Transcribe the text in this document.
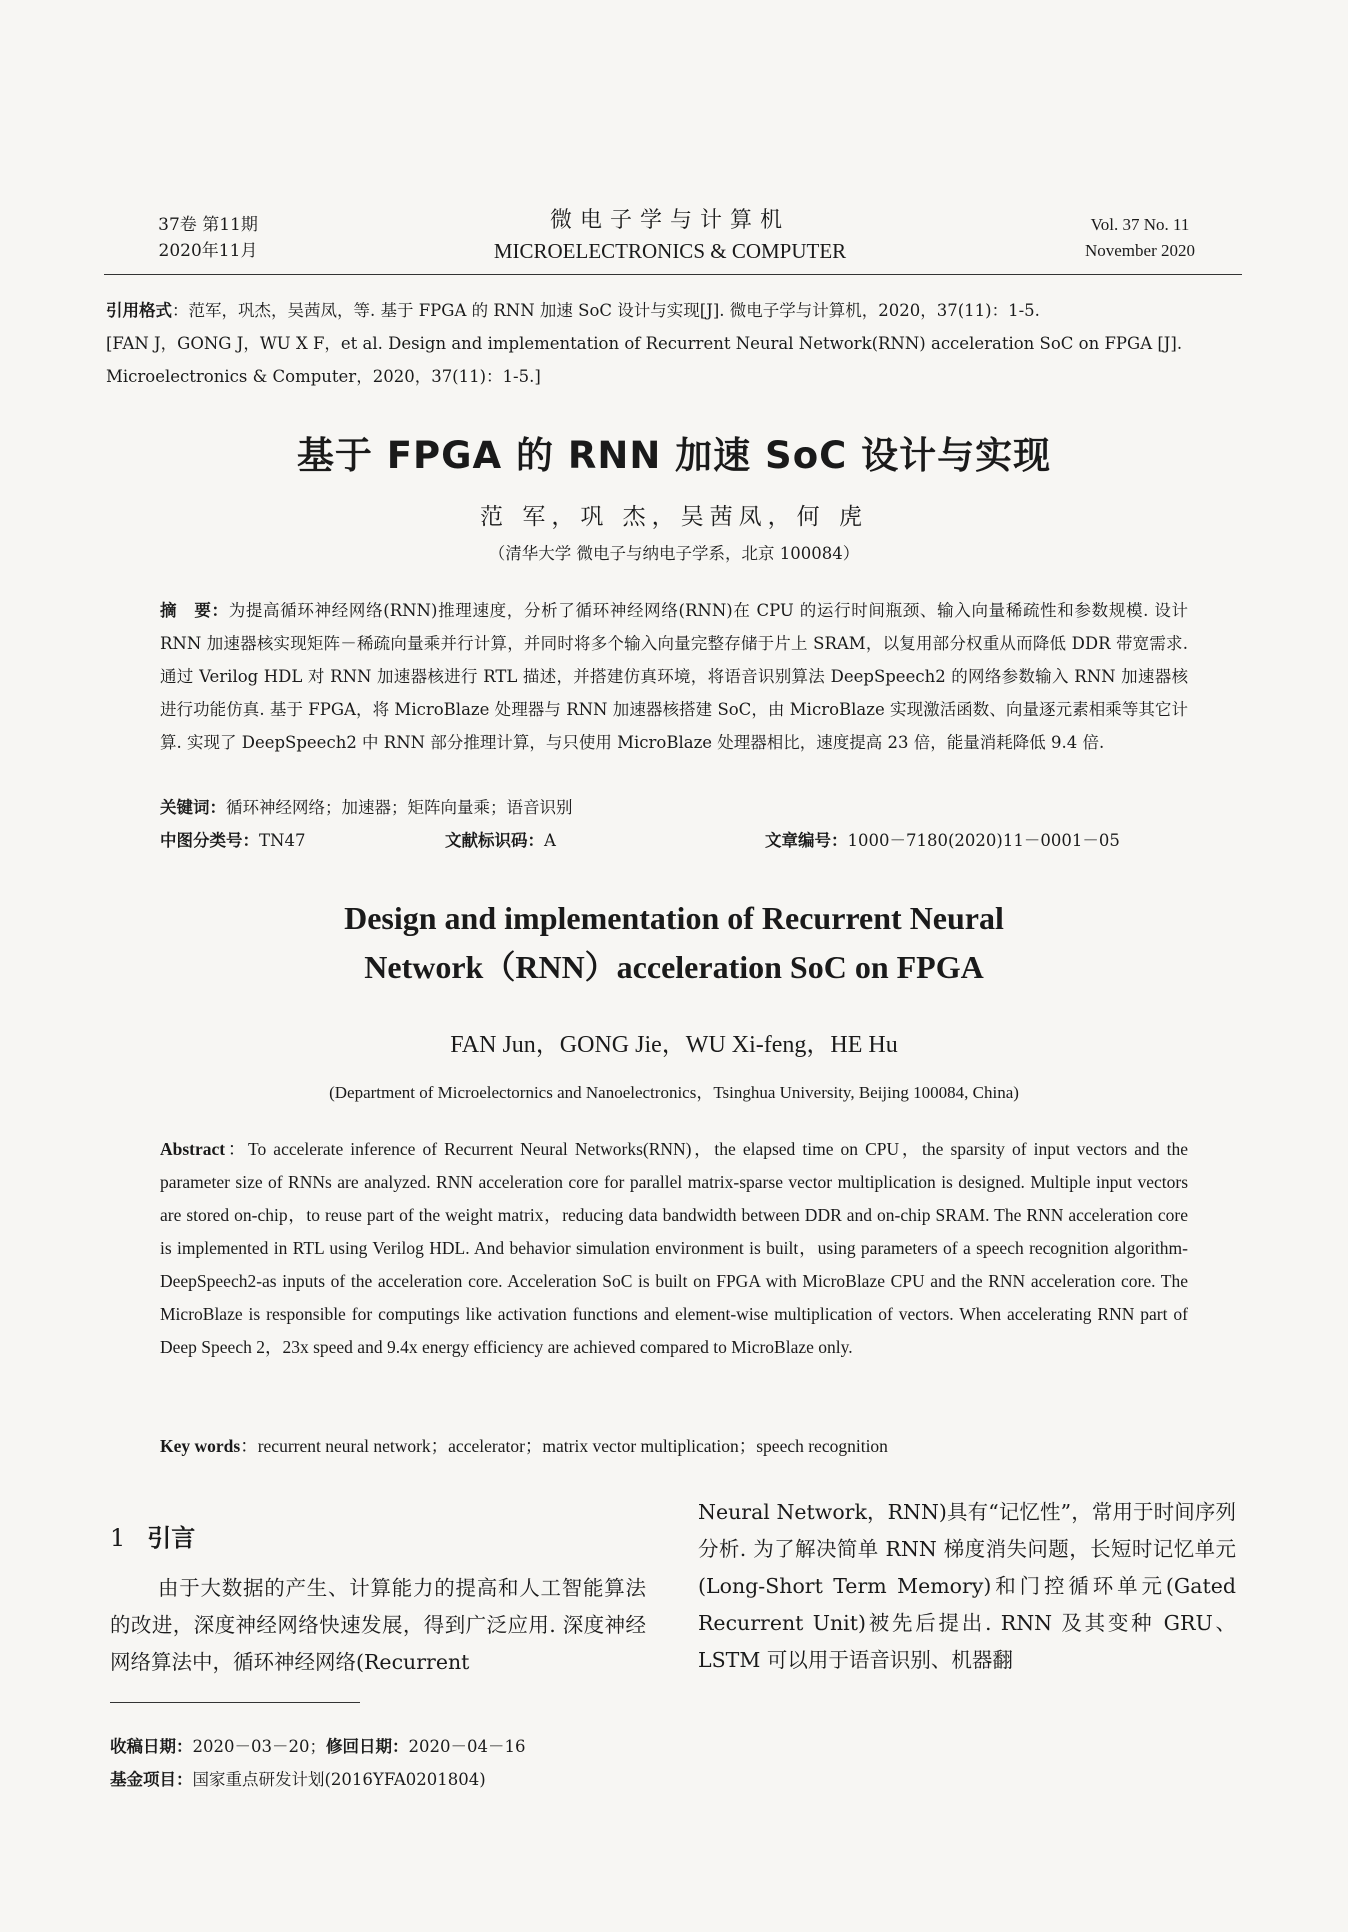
37卷 第11期
2020年11月
微电子学与计算机
MICROELECTRONICS & COMPUTER
Vol. 37 No. 11
November 2020
引用格式：范军，巩杰，吴茜凤，等. 基于 FPGA 的 RNN 加速 SoC 设计与实现[J]. 微电子学与计算机，2020，37(11)：1-5.
[FAN J，GONG J，WU X F，et al. Design and implementation of Recurrent Neural Network(RNN) acceleration SoC on FPGA [J]. Microelectronics & Computer，2020，37(11)：1-5.]
基于 FPGA 的 RNN 加速 SoC 设计与实现
范 军，巩 杰，吴茜凤，何 虎
（清华大学 微电子与纳电子学系，北京 100084）
摘　要：为提高循环神经网络(RNN)推理速度，分析了循环神经网络(RNN)在 CPU 的运行时间瓶颈、输入向量稀疏性和参数规模. 设计 RNN 加速器核实现矩阵－稀疏向量乘并行计算，并同时将多个输入向量完整存储于片上 SRAM，以复用部分权重从而降低 DDR 带宽需求. 通过 Verilog HDL 对 RNN 加速器核进行 RTL 描述，并搭建仿真环境，将语音识别算法 DeepSpeech2 的网络参数输入 RNN 加速器核进行功能仿真. 基于 FPGA，将 MicroBlaze 处理器与 RNN 加速器核搭建 SoC，由 MicroBlaze 实现激活函数、向量逐元素相乘等其它计算. 实现了 DeepSpeech2 中 RNN 部分推理计算，与只使用 MicroBlaze 处理器相比，速度提高 23 倍，能量消耗降低 9.4 倍.
关键词：循环神经网络；加速器；矩阵向量乘；语音识别
中图分类号：TN47	文献标识码：A	文章编号：1000－7180(2020)11－0001－05
Design and implementation of Recurrent Neural
Network（RNN）acceleration SoC on FPGA
FAN Jun，GONG Jie，WU Xi-feng，HE Hu
(Department of Microelectornics and Nanoelectronics，Tsinghua University, Beijing 100084, China)
Abstract：To accelerate inference of Recurrent Neural Networks(RNN)，the elapsed time on CPU，the sparsity of input vectors and the parameter size of RNNs are analyzed. RNN acceleration core for parallel matrix-sparse vector multiplication is designed. Multiple input vectors are stored on-chip，to reuse part of the weight matrix，reducing data bandwidth between DDR and on-chip SRAM. The RNN acceleration core is implemented in RTL using Verilog HDL. And behavior simulation environment is built，using parameters of a speech recognition algorithm-DeepSpeech2-as inputs of the acceleration core. Acceleration SoC is built on FPGA with MicroBlaze CPU and the RNN acceleration core. The MicroBlaze is responsible for computings like activation functions and element-wise multiplication of vectors. When accelerating RNN part of Deep Speech 2，23x speed and 9.4x energy efficiency are achieved compared to MicroBlaze only.
Key words：recurrent neural network；accelerator；matrix vector multiplication；speech recognition
1 引言
由于大数据的产生、计算能力的提高和人工智能算法的改进，深度神经网络快速发展，得到广泛应用. 深度神经网络算法中，循环神经网络(Recurrent
Neural Network，RNN)具有“记忆性”，常用于时间序列分析. 为了解决简单 RNN 梯度消失问题，长短时记忆单元(Long-Short Term Memory)和门控循环单元(Gated Recurrent Unit)被先后提出. RNN 及其变种 GRU、LSTM 可以用于语音识别、机器翻
收稿日期：2020－03－20；修回日期：2020－04－16
基金项目：国家重点研发计划(2016YFA0201804)
